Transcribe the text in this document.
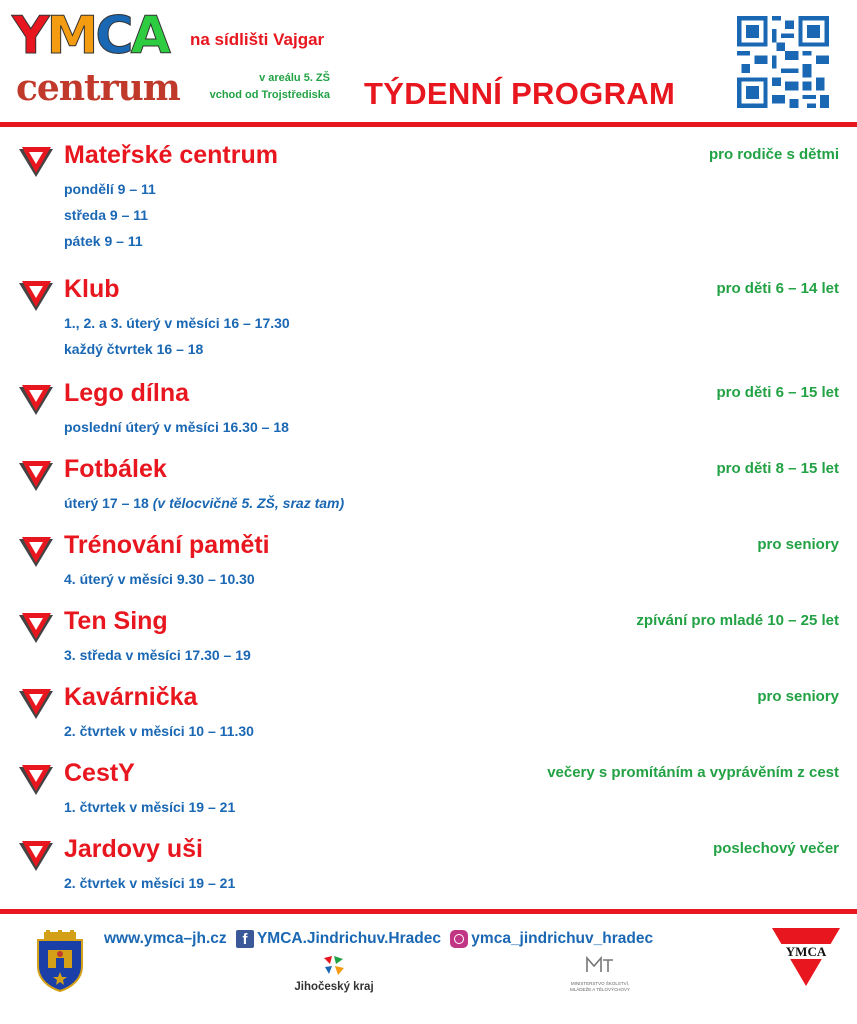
YMCA
centrum
na sídlišti Vajgar
v areálu 5. ZŠ
vchod od Trojstřediska TÝDENNÍ PROGRAM
Mateřské centrum	pro rodiče s dětmi
pondělí 9 – 11
středa 9 – 11
pátek 9 – 11
Klub	pro děti 6 – 14 let
1., 2. a 3. úterý v měsíci 16 – 17.30
každý čtvrtek 16 – 18
Lego dílna	pro děti 6 – 15 let
poslední úterý v měsíci 16.30 – 18
Fotbálek	pro děti 8 – 15 let
úterý 17 – 18 (v tělocvičně 5. ZŠ, sraz tam)
Trénování paměti	pro seniory
4. úterý v měsíci 9.30 – 10.30
Ten Sing	zpívání pro mladé 10 – 25 let
3. středa v měsíci 17.30 – 19
Kavárnička	pro seniory
2. čtvrtek v měsíci 10 – 11.30
CestY	večery s promítáním a vyprávěním z cest
1. čtvrtek v měsíci 19 – 21
Jardovy uši	poslechový večer
2. čtvrtek v měsíci 19 – 21
www.ymca–jh.cz f YMCA.Jindrichuv.Hradec ymca_jindrichuv_hradec
Jihočeský kraj	MINISTERSTVO ŠKOLSTVÍ, MLÁDEŽE A TĚLOVÝCHOVY
YMCA
